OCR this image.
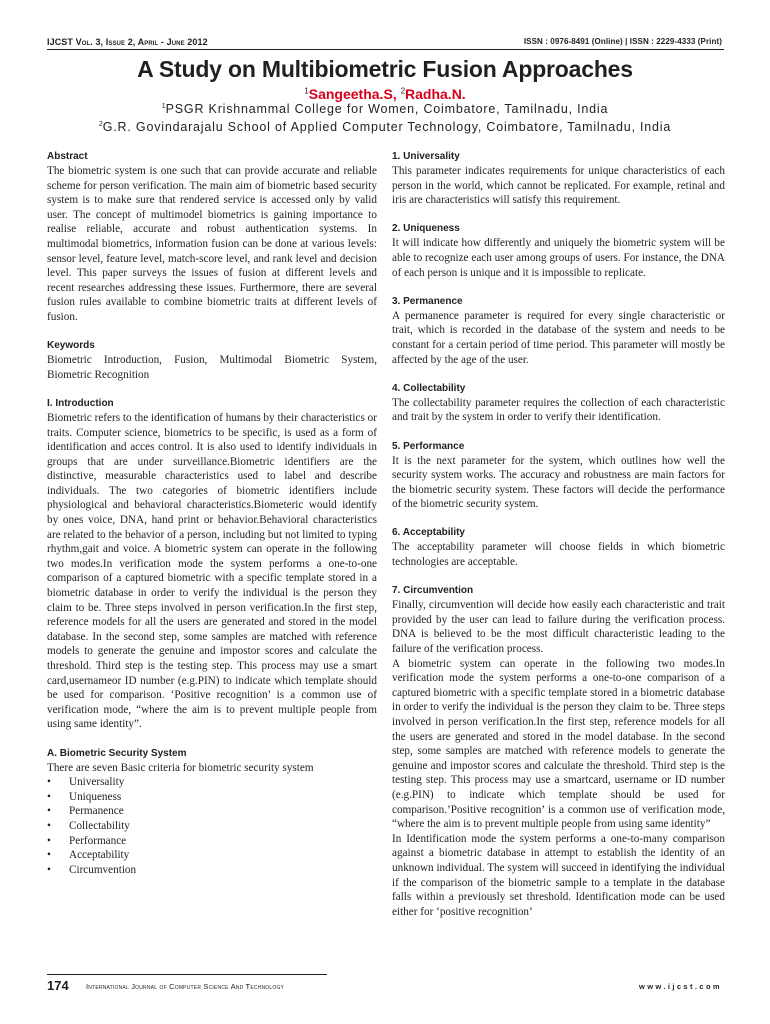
IJCST Vol. 3, Issue 2, April - June 2012	ISSN : 0976-8491 (Online) | ISSN : 2229-4333 (Print)
A Study on Multibiometric Fusion Approaches
$^1$Sangeetha.S, $^2$Radha.N.
$^1$PSGR Krishnammal College for Women, Coimbatore, Tamilnadu, India
$^2$G.R. Govindarajalu School of Applied Computer Technology, Coimbatore, Tamilnadu, India
Abstract

The biometric system is one such that can provide accurate and reliable scheme for person verification. The main aim of biometric based security system is to make sure that rendered service is accessed only by valid user. The concept of multimodel biometrics is gaining importance to realise reliable, accurate and robust authentication systems. In multimodal biometrics, information fusion can be done at various levels: sensor level, feature level, match-score level, and rank level and decision level. This paper surveys the issues of fusion at different levels and recent researches addressing these issues. Furthermore, there are several fusion rules available to combine biometric traits at different levels of fusion.

Keywords

Biometric Introduction, Fusion, Multimodal Biometric System, Biometric Recognition

I. Introduction

Biometric refers to the identification of humans by their characteristics or traits. Computer science, biometrics to be specific, is used as a form of identification and acces control. It is also used to identify individuals in groups that are under surveillance.Biometric identifiers are the distinctive, measurable characteristics used to label and describe individuals. The two categories of biometric identifiers include physiological and behavioral characteristics.Biometeric would identify by ones voice, DNA, hand print or behavior.Behavioral characteristics are related to the behavior of a person, including but not limited to typing rhythm,gait and voice. A biometric system can operate in the following two modes.In verification mode the system performs a one-to-one comparison of a captured biometric with a specific template stored in a biometric database in order to verify the individual is the person they claim to be. Three steps involved in person verification.In the first step, reference models for all the users are generated and stored in the model database. In the second step, some samples are matched with reference models to generate the genuine and impostor scores and calculate the threshold. Third step is the testing step. This process may use a smart card,usernameor ID number (e.g.PIN) to indicate which template should be used for comparison. ‘Positive recognition’ is a common use of verification mode, “where the aim is to prevent multiple people from using same identity”.

A. Biometric Security System

There are seven Basic criteria for biometric security system

• Universality
• Uniqueness
• Permanence
• Collectability
• Performance
• Acceptability
• Circumvention
1. Universality

This parameter indicates requirements for unique characteristics of each person in the world, which cannot be replicated. For example, retinal and iris are characteristics will satisfy this requirement.

2. Uniqueness

It will indicate how differently and uniquely the biometric system will be able to recognize each user among groups of users. For instance, the DNA of each person is unique and it is impossible to replicate.

3. Permanence

A permanence parameter is required for every single characteristic or trait, which is recorded in the database of the system and needs to be constant for a certain period of time period. This parameter will mostly be affected by the age of the user.

4. Collectability

The collectability parameter requires the collection of each characteristic and trait by the system in order to verify their identification.

5. Performance

It is the next parameter for the system, which outlines how well the security system works. The accuracy and robustness are main factors for the biometric security system. These factors will decide the performance of the biometric security system.

6. Acceptability

The acceptability parameter will choose fields in which biometric technologies are acceptable.

7. Circumvention

Finally, circumvention will decide how easily each characteristic and trait provided by the user can lead to failure during the verification process. DNA is believed to be the most difficult characteristic leading to the failure of the verification process.

A biometric system can operate in the following two modes.In verification mode the system performs a one-to-one comparison of a captured biometric with a specific template stored in a biometric database in order to verify the individual is the person they claim to be. Three steps involved in person verification.In the first step, reference models for all the users are generated and stored in the model database. In the second step, some samples are matched with reference models to generate the genuine and impostor scores and calculate the threshold. Third step is the testing step. This process may use a smartcard, username or ID number (e.g.PIN) to indicate which template should be used for comparison.’Positive recognition’ is a common use of verification mode, “where the aim is to prevent multiple people from using same identity”

In Identification mode the system performs a one-to-many comparison against a biometric database in attempt to establish the identity of an unknown individual. The system will succeed in identifying the individual if the comparison of the biometric sample to a template in the database falls within a previously set threshold. Identification mode can be used either for ‘positive recognition’

174 International Journal of Computer Science And Technology	www.ijcst.com
